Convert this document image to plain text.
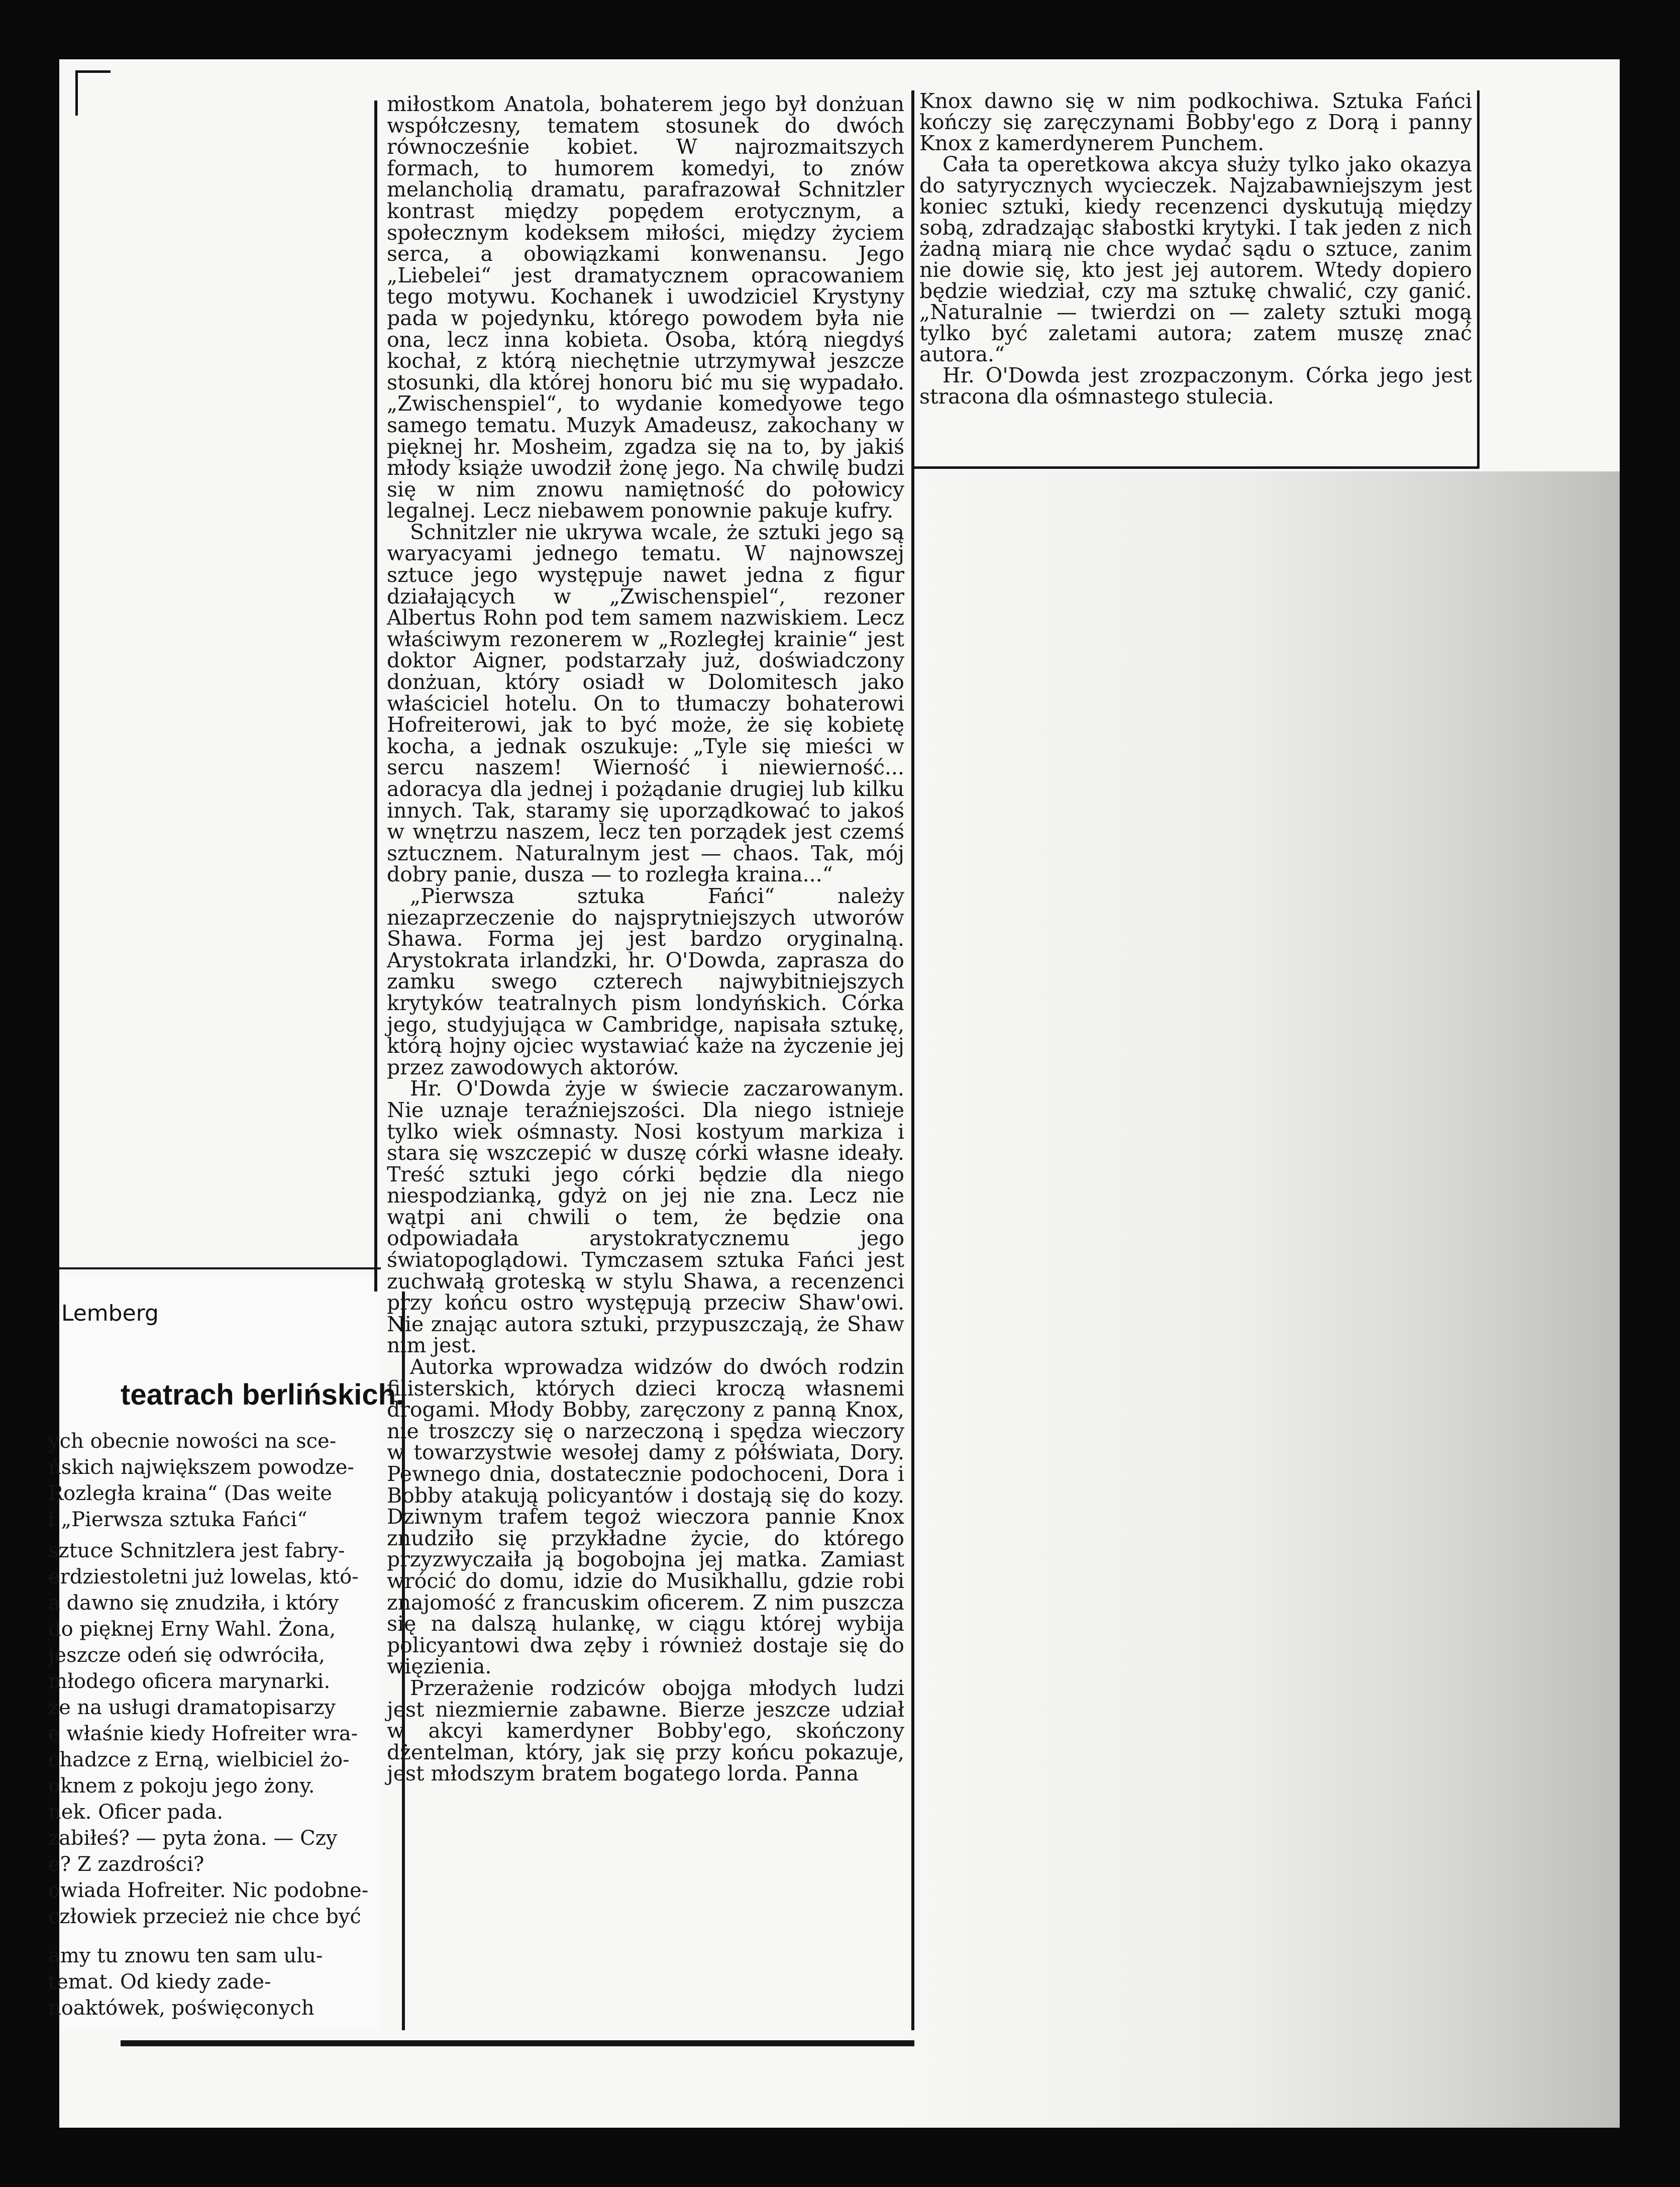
miłostkom Anatola, bohaterem jego był donżuan współczesny, tematem stosunek do dwóch równocześnie kobiet. W najrozmaitszych formach, to humorem komedyi, to znów melancholią dramatu, parafrazował Schnitzler kontrast między popędem erotycznym, a społecznym kodeksem miłości, między życiem serca, a obowiązkami konwenansu. Jego „Liebelei“ jest dramatycznem opracowaniem tego motywu. Kochanek i uwodziciel Krystyny pada w pojedynku, którego powodem była nie ona, lecz inna kobieta. Osoba, którą niegdyś kochał, z którą niechętnie utrzymywał jeszcze stosunki, dla której honoru bić mu się wypadało. „Zwischenspiel“, to wydanie komedyowe tego samego tematu. Muzyk Amadeusz, zakochany w pięknej hr. Mosheim, zgadza się na to, by jakiś młody książe uwodził żonę jego. Na chwilę budzi się w nim znowu namiętność do połowicy legalnej. Lecz niebawem ponownie pakuje kufry.

Schnitzler nie ukrywa wcale, że sztuki jego są waryacyami jednego tematu. W najnowszej sztuce jego występuje nawet jedna z figur działających w „Zwischenspiel“, rezoner Albertus Rohn pod tem samem nazwiskiem. Lecz właściwym rezonerem w „Rozległej krainie“ jest doktor Aigner, podstarzały już, doświadczony donżuan, który osiadł w Dolomitesch jako właściciel hotelu. On to tłumaczy bohaterowi Hofreiterowi, jak to być może, że się kobietę kocha, a jednak oszukuje: „Tyle się mieści w sercu naszem! Wierność i niewierność... adoracya dla jednej i pożądanie drugiej lub kilku innych. Tak, staramy się uporządkować to jakoś w wnętrzu naszem, lecz ten porządek jest czemś sztucznem. Naturalnym jest — chaos. Tak, mój dobry panie, dusza — to rozległa kraina...“

„Pierwsza sztuka Fańci“ należy niezaprzeczenie do najsprytniejszych utworów Shawa. Forma jej jest bardzo oryginalną. Arystokrata irlandzki, hr. O'Dowda, zaprasza do zamku swego czterech najwybitniejszych krytyków teatralnych pism londyńskich. Córka jego, studyjująca w Cambridge, napisała sztukę, którą hojny ojciec wystawiać każe na życzenie jej przez zawodowych aktorów.

Hr. O'Dowda żyje w świecie zaczarowanym. Nie uznaje teraźniejszości. Dla niego istnieje tylko wiek ośmnasty. Nosi kostyum markiza i stara się wszczepić w duszę córki własne ideały. Treść sztuki jego córki będzie dla niego niespodzianką, gdyż on jej nie zna. Lecz nie wątpi ani chwili o tem, że będzie ona odpowiadała arystokratycznemu jego światopoglądowi. Tymczasem sztuka Fańci jest zuchwałą groteską w stylu Shawa, a recenzenci przy końcu ostro występują przeciw Shaw'owi. Nie znając autora sztuki, przypuszczają, że Shaw nim jest.

Autorka wprowadza widzów do dwóch rodzin filisterskich, których dzieci kroczą własnemi drogami. Młody Bobby, zaręczony z panną Knox, nie troszczy się o narzeczoną i spędza wieczory w towarzystwie wesołej damy z półświata, Dory. Pewnego dnia, dostatecznie podochoceni, Dora i Bobby atakują policyantów i dostają się do kozy. Dziwnym trafem tegoż wieczora pannie Knox znudziło się przykładne życie, do którego przyzwyczaiła ją bogobojna jej matka. Zamiast wrócić do domu, idzie do Musikhallu, gdzie robi znajomość z francuskim oficerem. Z nim puszcza się na dalszą hulankę, w ciągu której wybija policyantowi dwa zęby i również dostaje się do więzienia.

Przerażenie rodziców obojga młodych ludzi jest niezmiernie zabawne. Bierze jeszcze udział w akcyi kamerdyner Bobby'ego, skończony dżentelman, który, jak się przy końcu pokazuje, jest młodszym bratem bogatego lorda. Panna

Knox dawno się w nim podkochiwa. Sztuka Fańci kończy się zaręczynami Bobby'ego z Dorą i panny Knox z kamerdynerem Punchem.

Cała ta operetkowa akcya służy tylko jako okazya do satyrycznych wycieczek. Najzabawniejszym jest koniec sztuki, kiedy recenzenci dyskutują między sobą, zdradzając słabostki krytyki. I tak jeden z nich żadną miarą nie chce wydać sądu o sztuce, zanim nie dowie się, kto jest jej autorem. Wtedy dopiero będzie wiedział, czy ma sztukę chwalić, czy ganić. „Naturalnie — twierdzi on — zalety sztuki mogą tylko być zaletami autora; zatem muszę znać autora.“

Hr. O'Dowda jest zrozpaczonym. Córka jego jest stracona dla ośmnastego stulecia.

Lemberg
teatrach berlińskich.

ych obecnie nowości na sce-

ńskich największem powodze-

Rozległa kraina“ (Das weite

i „Pierwsza sztuka Fańci“

sztuce Schnitzlera jest fabry-

erdziestoletni już lowelas, któ-

a dawno się znudziła, i który

do pięknej Erny Wahl. Żona,

jeszcze odeń się odwróciła,

młodego oficera marynarki.

ze na usługi dramatopisarzy

e właśnie kiedy Hofreiter wra-

chadzce z Erną, wielbiciel żo-

oknem z pokoju jego żony.

nek. Oficer pada.

zabiłeś? — pyta żona. — Czy

e? Z zazdrości?

owiada Hofreiter. Nic podobne-

człowiek przecież nie chce być

amy tu znowu ten sam ulu-

temat. Od kiedy zade-

noaktówek, poświęconych
